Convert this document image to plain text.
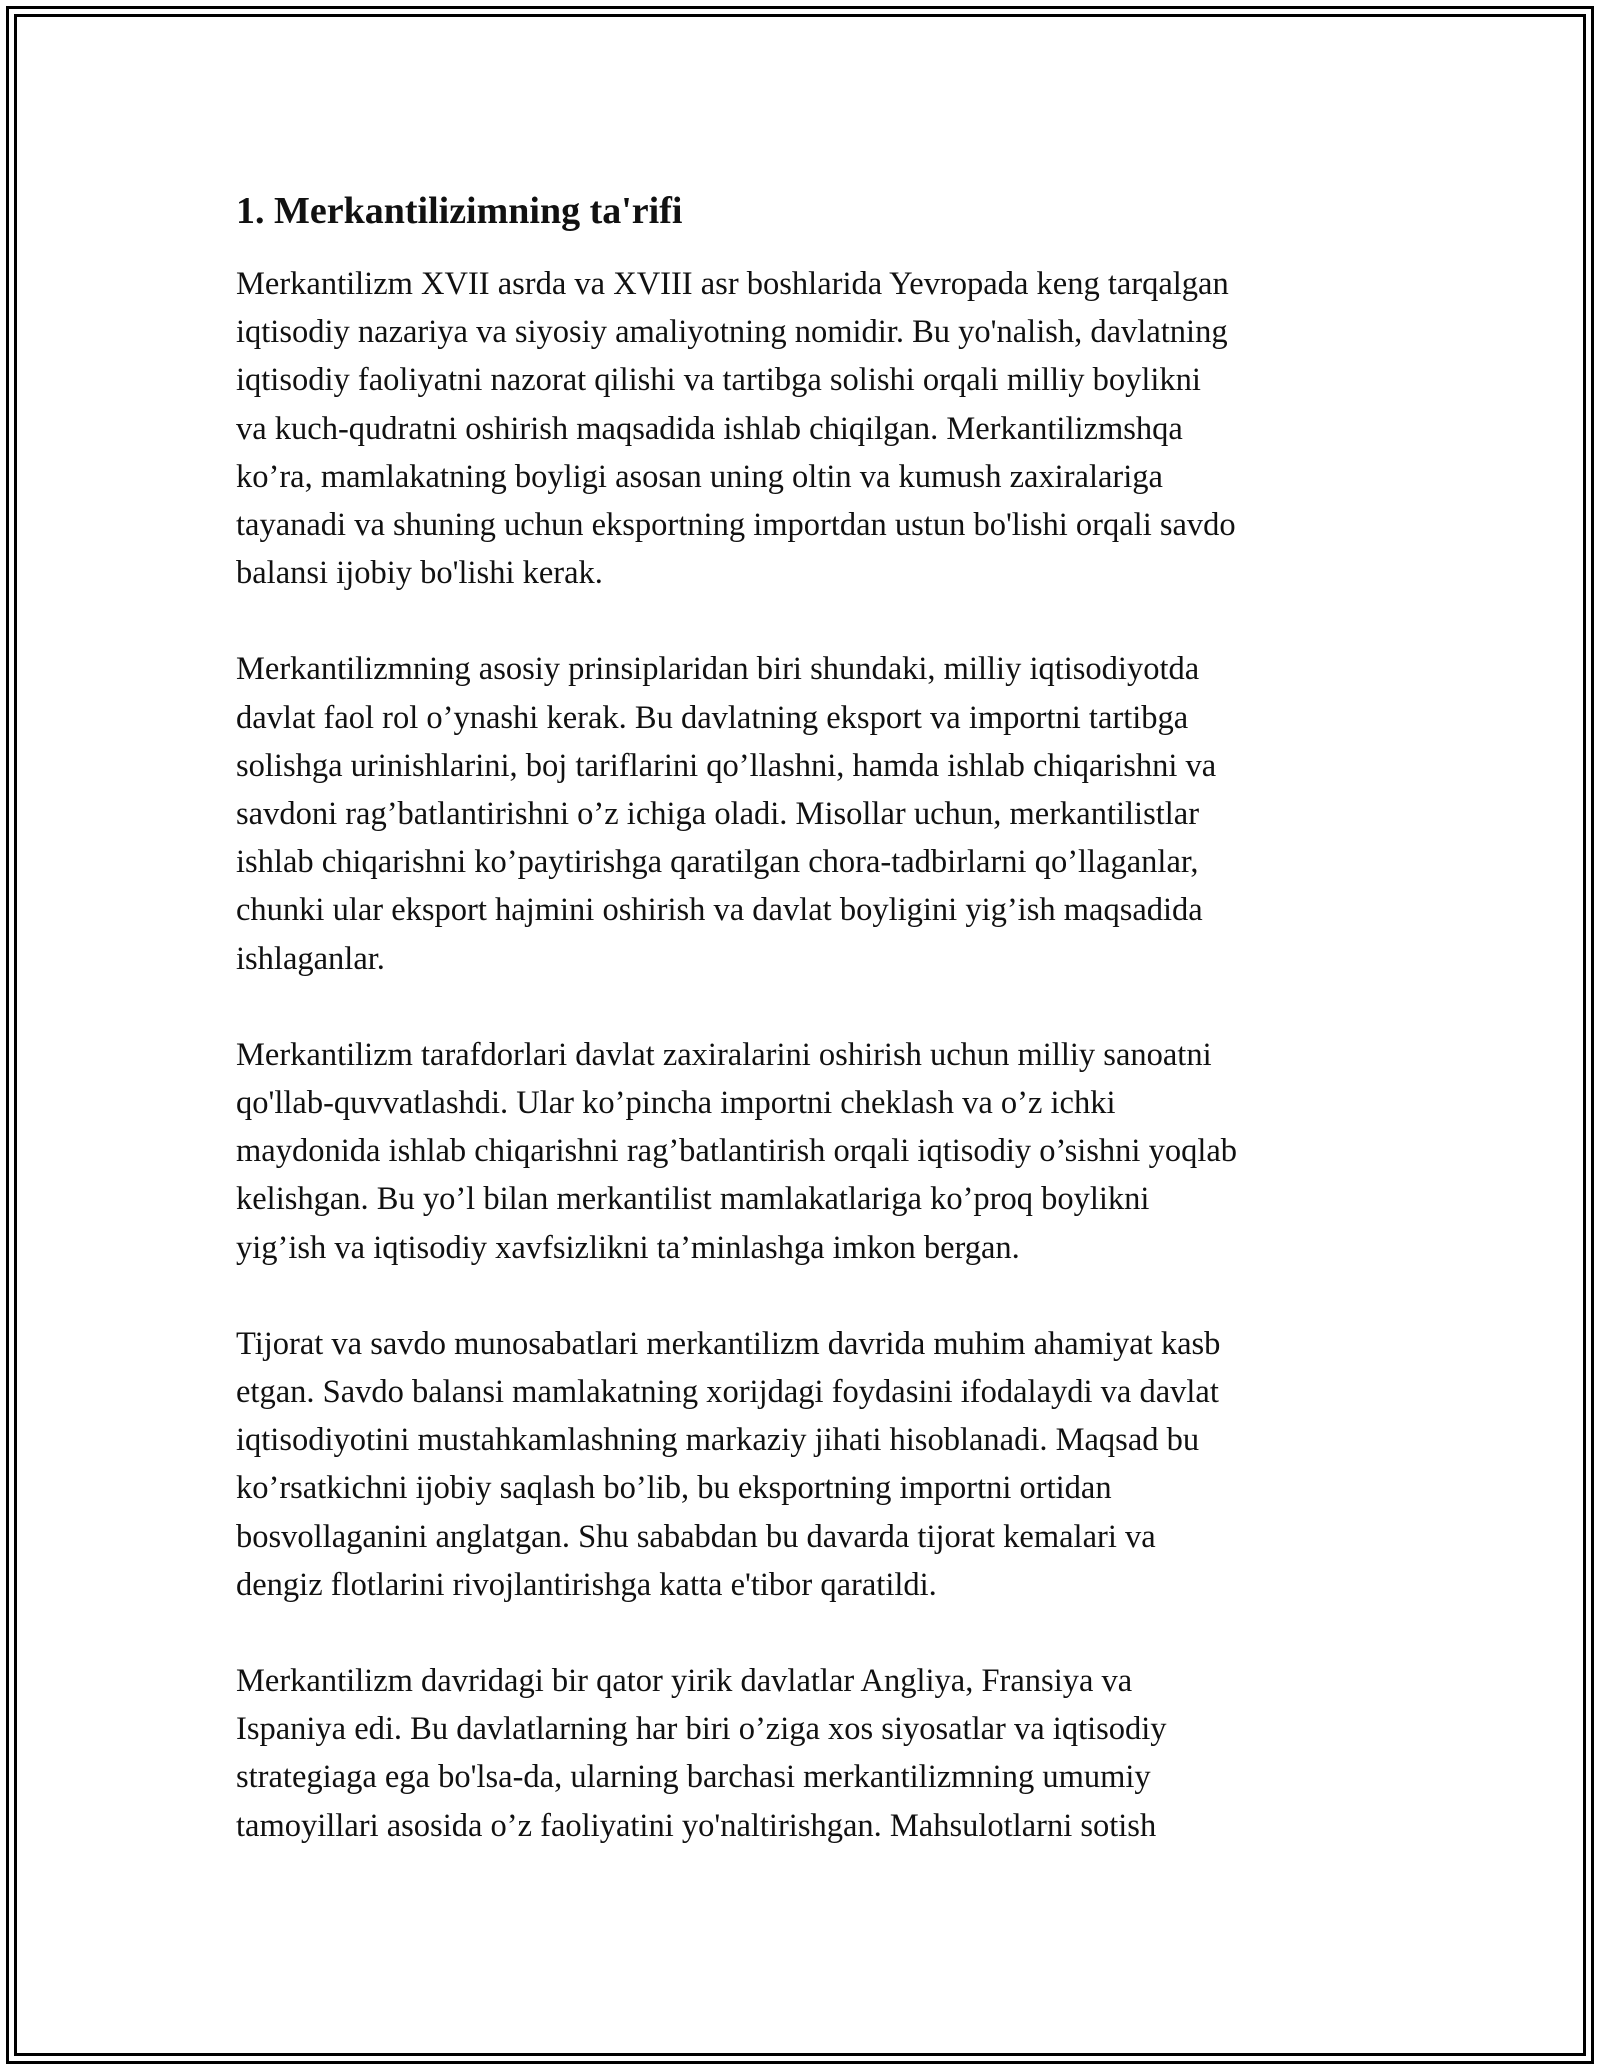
1. Merkantilizimning ta'rifi
Merkantilizm XVII asrda va XVIII asr boshlarida Yevropada keng tarqalgan
iqtisodiy nazariya va siyosiy amaliyotning nomidir. Bu yo'nalish, davlatning
iqtisodiy faoliyatni nazorat qilishi va tartibga solishi orqali milliy boylikni
va kuch-qudratni oshirish maqsadida ishlab chiqilgan. Merkantilizmshqa
ko’ra, mamlakatning boyligi asosan uning oltin va kumush zaxiralariga
tayanadi va shuning uchun eksportning importdan ustun bo'lishi orqali savdo
balansi ijobiy bo'lishi kerak.
Merkantilizmning asosiy prinsiplaridan biri shundaki, milliy iqtisodiyotda
davlat faol rol o’ynashi kerak. Bu davlatning eksport va importni tartibga
solishga urinishlarini, boj tariflarini qo’llashni, hamda ishlab chiqarishni va
savdoni rag’batlantirishni o’z ichiga oladi. Misollar uchun, merkantilistlar
ishlab chiqarishni ko’paytirishga qaratilgan chora-tadbirlarni qo’llaganlar,
chunki ular eksport hajmini oshirish va davlat boyligini yig’ish maqsadida
ishlaganlar.
Merkantilizm tarafdorlari davlat zaxiralarini oshirish uchun milliy sanoatni
qo'llab-quvvatlashdi. Ular ko’pincha importni cheklash va o’z ichki
maydonida ishlab chiqarishni rag’batlantirish orqali iqtisodiy o’sishni yoqlab
kelishgan. Bu yo’l bilan merkantilist mamlakatlariga ko’proq boylikni
yig’ish va iqtisodiy xavfsizlikni ta’minlashga imkon bergan.
Tijorat va savdo munosabatlari merkantilizm davrida muhim ahamiyat kasb
etgan. Savdo balansi mamlakatning xorijdagi foydasini ifodalaydi va davlat
iqtisodiyotini mustahkamlashning markaziy jihati hisoblanadi. Maqsad bu
ko’rsatkichni ijobiy saqlash bo’lib, bu eksportning importni ortidan
bosvollaganini anglatgan. Shu sababdan bu davarda tijorat kemalari va
dengiz flotlarini rivojlantirishga katta e'tibor qaratildi.
Merkantilizm davridagi bir qator yirik davlatlar Angliya, Fransiya va
Ispaniya edi. Bu davlatlarning har biri o’ziga xos siyosatlar va iqtisodiy
strategiaga ega bo'lsa-da, ularning barchasi merkantilizmning umumiy
tamoyillari asosida o’z faoliyatini yo'naltirishgan. Mahsulotlarni sotish
